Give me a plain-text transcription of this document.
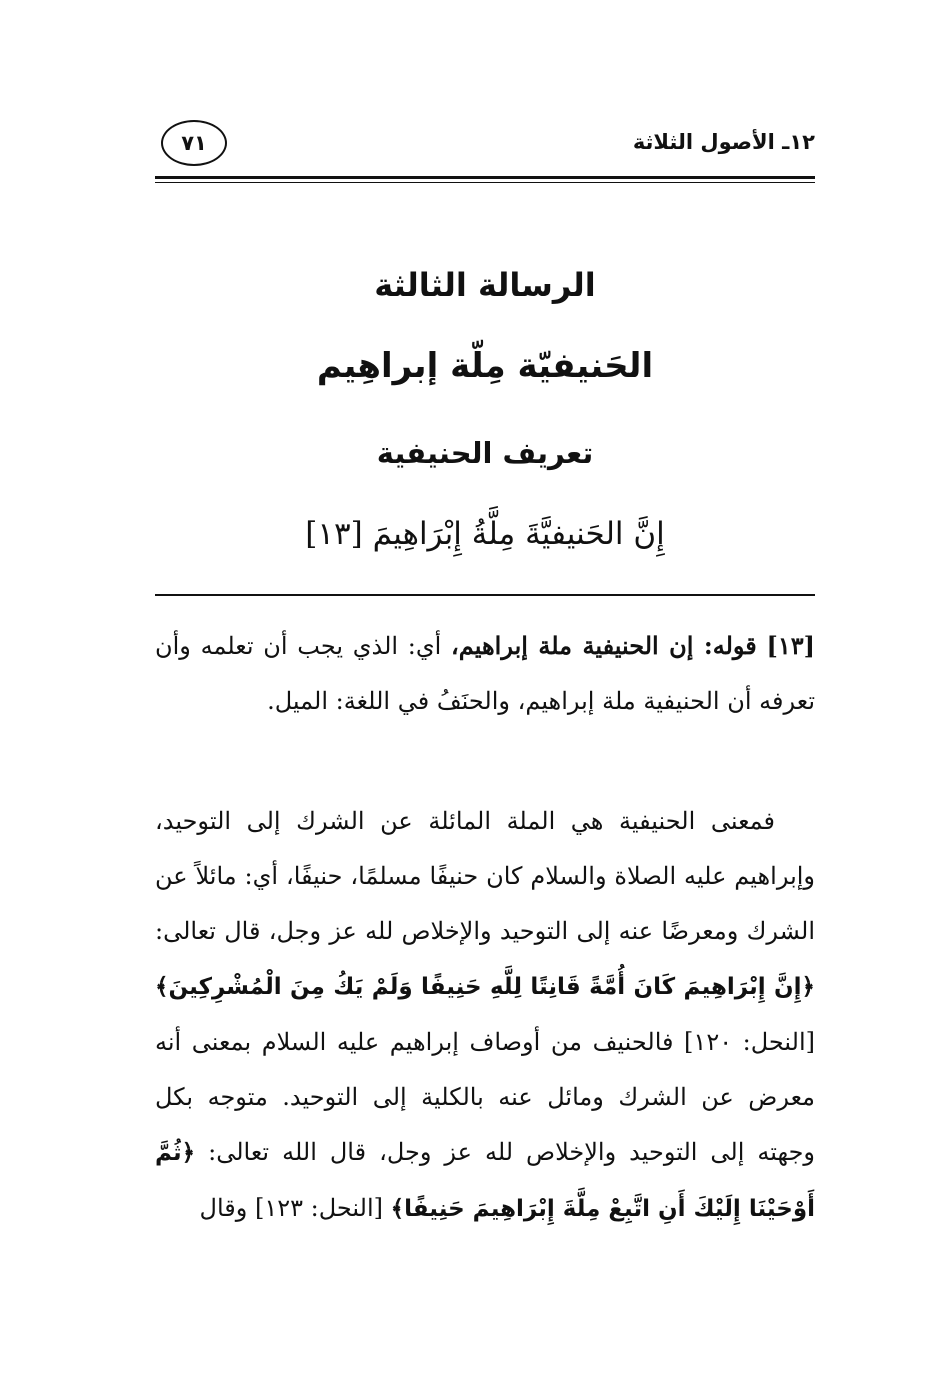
١٢ـ الأصول الثلاثة
٧١
الرسالة الثالثة
الحَنيفيّة مِلّة إبراهِيم
تعريف الحنيفية
إِنَّ الحَنيفيَّةَ مِلَّةُ إِبْرَاهِيمَ [١٣]
[١٣] قوله: إن الحنيفية ملة إبراهيم، أي: الذي يجب أن تعلمه وأن تعرفه أن الحنيفية ملة إبراهيم، والحنَفُ في اللغة: الميل.
فمعنى الحنيفية هي الملة المائلة عن الشرك إلى التوحيد، وإبراهيم عليه الصلاة والسلام كان حنيفًا مسلمًا، حنيفًا، أي: مائلاً عن الشرك ومعرضًا عنه إلى التوحيد والإخلاص لله عز وجل، قال تعالى: ﴿إِنَّ إِبْرَاهِيمَ كَانَ أُمَّةً قَانِتًا لِلَّهِ حَنِيفًا وَلَمْ يَكُ مِنَ الْمُشْرِكِينَ﴾ [النحل: ١٢٠] فالحنيف من أوصاف إبراهيم عليه السلام بمعنى أنه معرض عن الشرك ومائل عنه بالكلية إلى التوحيد. متوجه بكل وجهته إلى التوحيد والإخلاص لله عز وجل، قال الله تعالى: ﴿ثُمَّ أَوْحَيْنَا إِلَيْكَ أَنِ اتَّبِعْ مِلَّةَ إِبْرَاهِيمَ حَنِيفًا﴾ [النحل: ١٢٣] وقال
